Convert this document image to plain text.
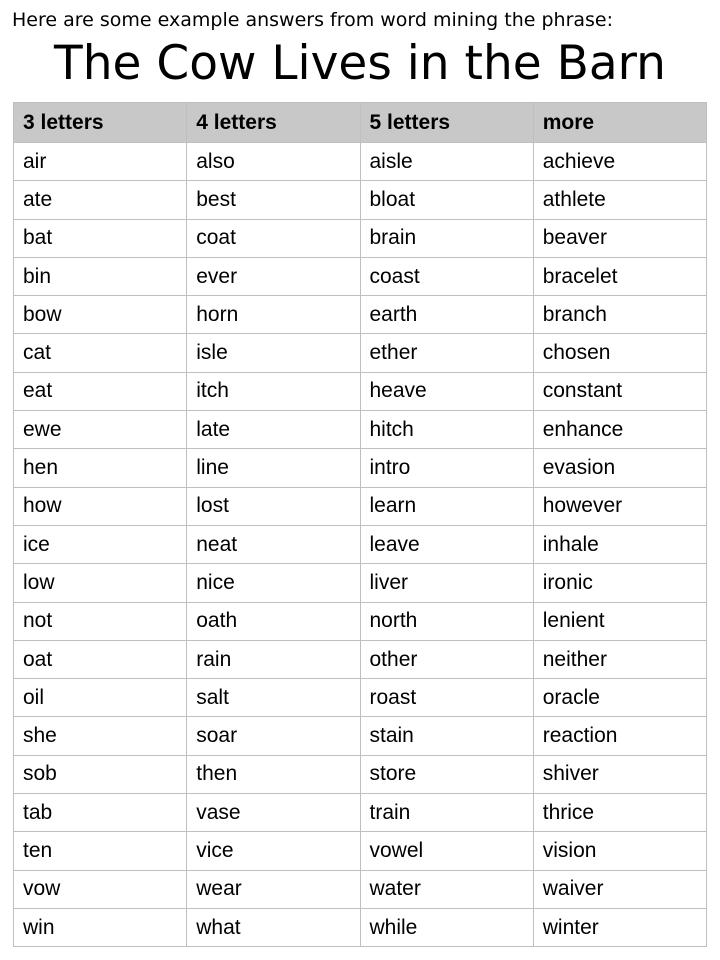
Here are some example answers from word mining the phrase:
The Cow Lives in the Barn
3 letters	4 letters	5 letters	more
air	also	aisle	achieve
ate	best	bloat	athlete
bat	coat	brain	beaver
bin	ever	coast	bracelet
bow	horn	earth	branch
cat	isle	ether	chosen
eat	itch	heave	constant
ewe	late	hitch	enhance
hen	line	intro	evasion
how	lost	learn	however
ice	neat	leave	inhale
low	nice	liver	ironic
not	oath	north	lenient
oat	rain	other	neither
oil	salt	roast	oracle
she	soar	stain	reaction
sob	then	store	shiver
tab	vase	train	thrice
ten	vice	vowel	vision
vow	wear	water	waiver
win	what	while	winter
